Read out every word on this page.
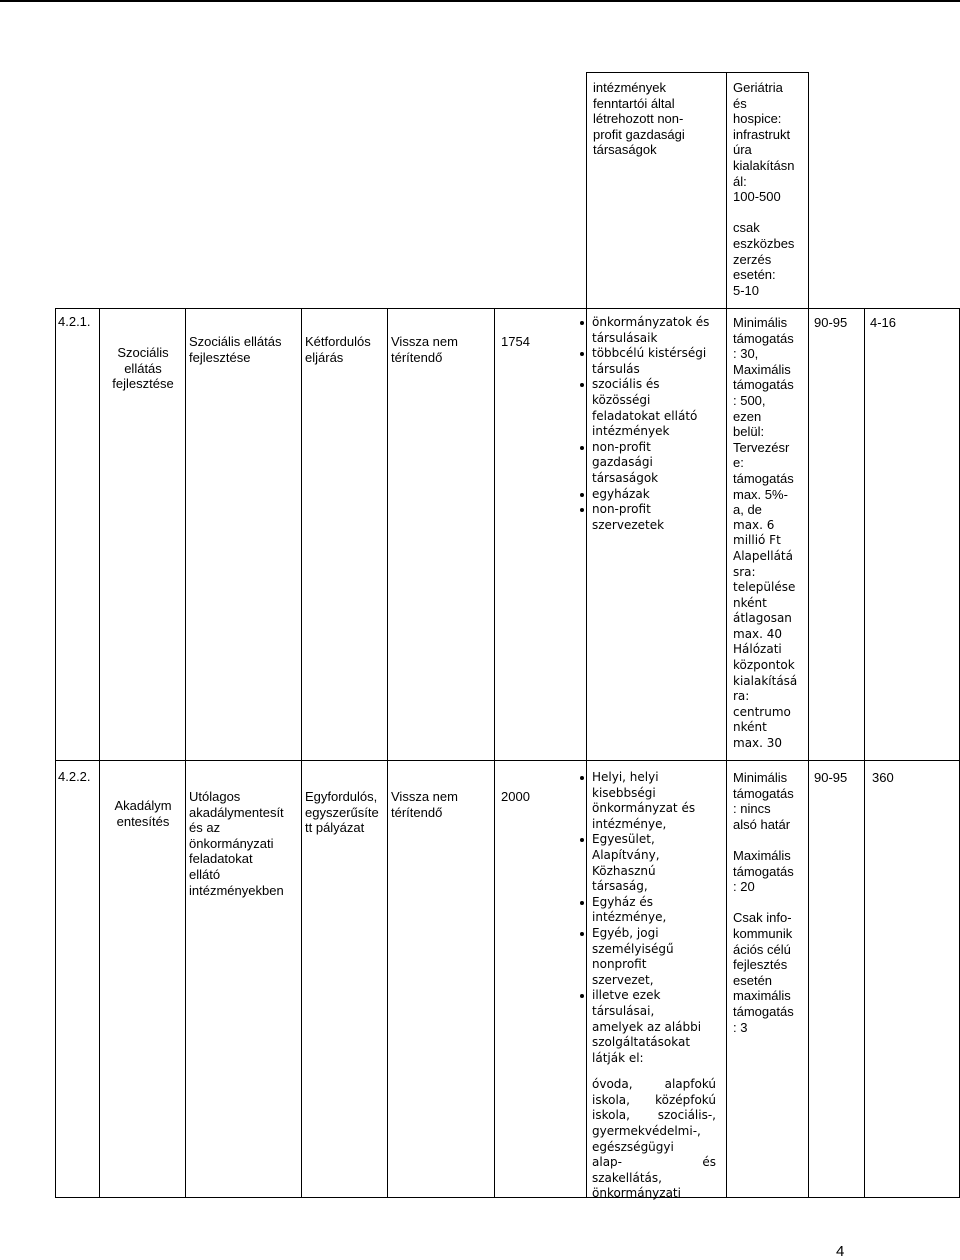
intézmények
fenntartói által
létrehozott non-
profit gazdasági
társaságok
Geriátria
és
hospice:
infrastrukt
úra
kialakításn
ál:
100-500
csak
eszközbes
zerzés
esetén:
5-10
4.2.1.
Szociális
ellátás
fejlesztése
Szociális ellátás
fejlesztése
Kétfordulós
eljárás
Vissza nem
térítendő
1754
önkormányzatok és
társulásaik
többcélú kistérségi
társulás
szociális és
közösségi
feladatokat ellátó
intézmények
non-profit
gazdasági
társaságok
egyházak
non-profit
szervezetek
Minimális
támogatás
: 30,
Maximális
támogatás
: 500,
ezen
belül:
Tervezésr
e:
támogatás
max. 5%-
a, de
max. 6
millió Ft
Alapellátá
sra:
települése
nként
átlagosan
max. 40
Hálózati
központok
kialakításá
ra:
centrumo
nként
max. 30
90-95 4-16
4.2.2.
Akadálym
entesítés
Utólagos
akadálymentesít
és az
önkormányzati
feladatokat
ellátó
intézményekben
Egyfordulós,
egyszerűsíte
tt pályázat
Vissza nem
térítendő
2000
Helyi, helyi
kisebbségi
önkormányzat és
intézménye,
Egyesület,
Alapítvány,
Közhasznú
társaság,
Egyház és
intézménye,
Egyéb, jogi
személyiségű
nonprofit
szervezet,
illetve ezek
társulásai,
amelyek az alábbi
szolgáltatásokat
látják el:
óvoda, alapfokú
iskola, középfokú
iskola, szociális-,
gyermekvédelmi-,
egészségügyi
alap- és
szakellátás,
önkormányzati
Minimális
támogatás
: nincs
alsó határ
Maximális
támogatás
: 20
Csak info-
kommunik
ációs célú
fejlesztés
esetén
maximális
támogatás
: 3
90-95 360
4
